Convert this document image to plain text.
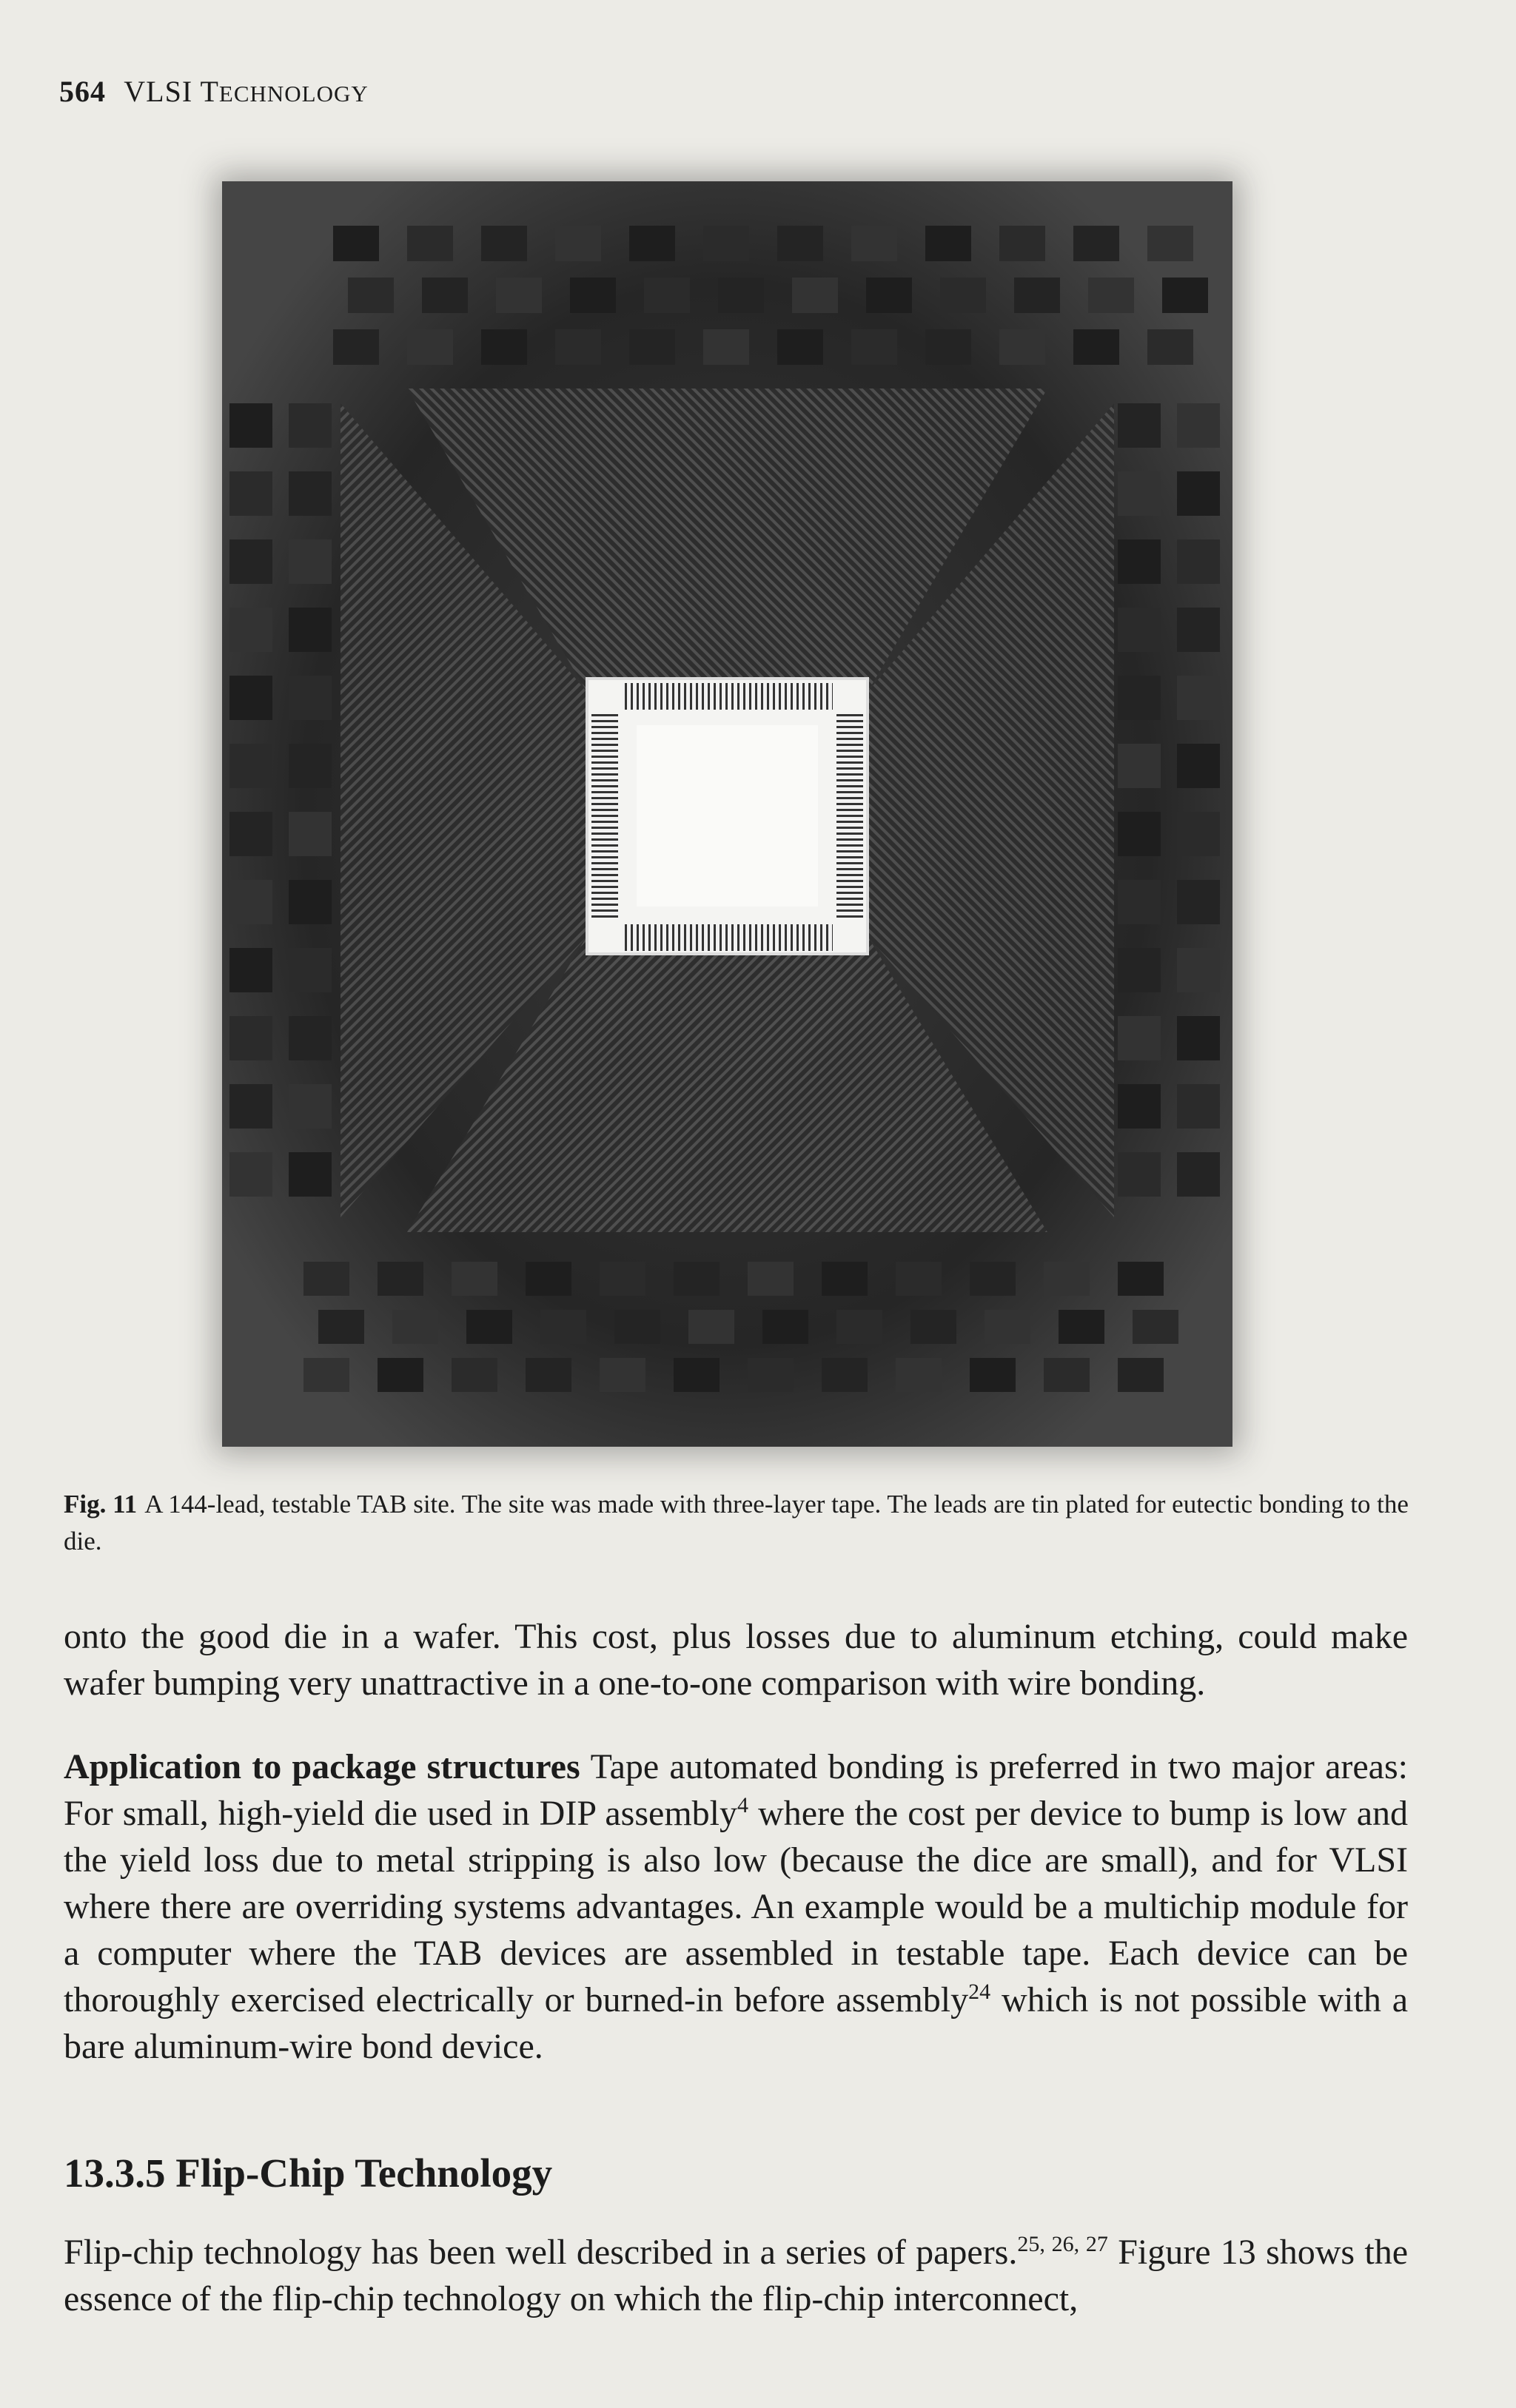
564 VLSI TECHNOLOGY
Fig. 11 A 144-lead, testable TAB site. The site was made with three-layer tape. The leads are tin plated for eutectic bonding to the die.

onto the good die in a wafer. This cost, plus losses due to aluminum etching, could make wafer bumping very unattractive in a one-to-one comparison with wire bonding.

Application to package structures Tape automated bonding is preferred in two major areas: For small, high-yield die used in DIP assembly$^4$ where the cost per device to bump is low and the yield loss due to metal stripping is also low (because the dice are small), and for VLSI where there are overriding systems advantages. An example would be a multichip module for a computer where the TAB devices are assembled in testable tape. Each device can be thoroughly exercised electrically or burned-in before assembly$^{24}$ which is not possible with a bare aluminum-wire bond device.

13.3.5 Flip-Chip Technology

Flip-chip technology has been well described in a series of papers.$^{25, 26, 27}$ Figure 13 shows the essence of the flip-chip technology on which the flip-chip interconnect,
